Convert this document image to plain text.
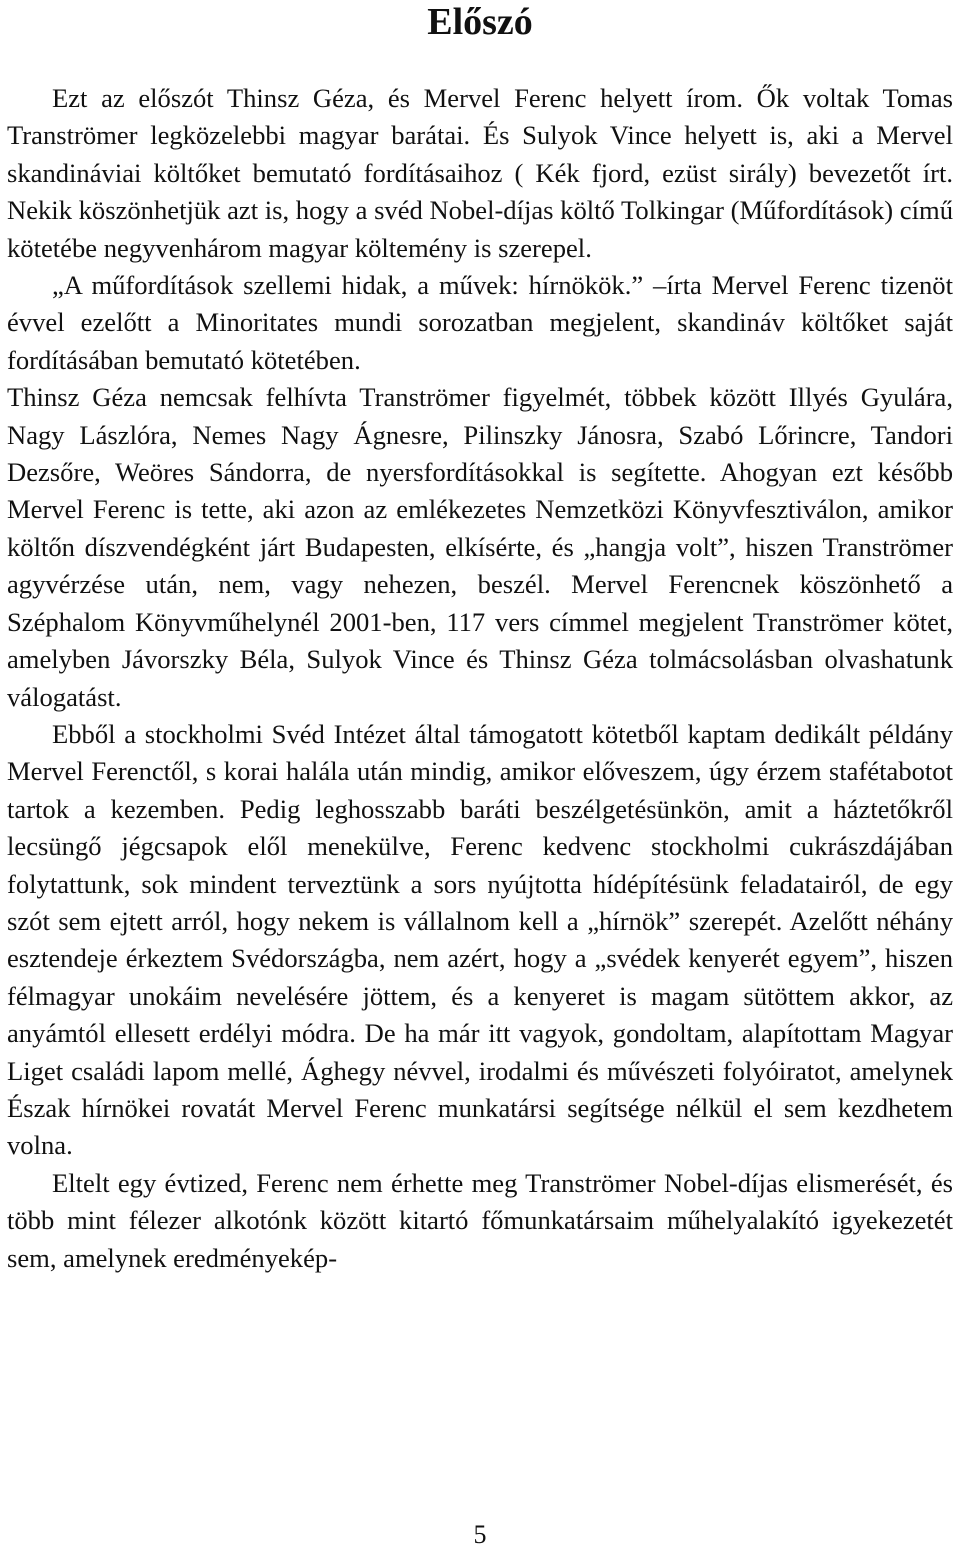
Előszó

Ezt az előszót Thinsz Géza, és Mervel Ferenc helyett írom. Ők voltak Tomas Tranströmer legközelebbi magyar barátai. És Sulyok Vince helyett is, aki a Mervel skandináviai költőket bemutató fordításaihoz ( Kék fjord, ezüst sirály) bevezetőt írt. Nekik köszönhetjük azt is, hogy a svéd Nobel-díjas költő Tolkingar (Műfordítások) című kötetébe negyvenhárom magyar költemény is szerepel.

„A műfordítások szellemi hidak, a művek: hírnökök.” –írta Mervel Ferenc tizenöt évvel ezelőtt a Minoritates mundi sorozatban megjelent, skandináv költőket saját fordításában bemutató kötetében.

Thinsz Géza nemcsak felhívta Tranströmer figyelmét, többek között Illyés Gyulára, Nagy Lászlóra, Nemes Nagy Ágnesre, Pilinszky Jánosra, Szabó Lőrincre, Tandori Dezsőre, Weöres Sándorra, de nyersfordításokkal is segítette. Ahogyan ezt később Mervel Ferenc is tette, aki azon az emlékezetes Nemzetközi Könyvfesztiválon, amikor költőn díszvendégként járt Budapesten, elkísérte, és „hangja volt”, hiszen Tranströmer agyvérzése után, nem, vagy nehezen, beszél. Mervel Ferencnek köszönhető a Széphalom Könyvműhelynél 2001-ben, 117 vers címmel megjelent Tranströmer kötet, amelyben Jávorszky Béla, Sulyok Vince és Thinsz Géza tolmácsolásban olvashatunk válogatást.

Ebből a stockholmi Svéd Intézet által támogatott kötetből kaptam dedikált példány Mervel Ferenctől, s korai halála után mindig, amikor előveszem, úgy érzem stafétabotot tartok a kezemben. Pedig leghosszabb baráti beszélgetésünkön, amit a háztetőkről lecsüngő jégcsapok elől menekülve, Ferenc kedvenc stockholmi cukrászdájában folytattunk, sok mindent terveztünk a sors nyújtotta hídépítésünk feladatairól, de egy szót sem ejtett arról, hogy nekem is vállalnom kell a „hírnök” szerepét. Azelőtt néhány esztendeje érkeztem Svédországba, nem azért, hogy a „svédek kenyerét egyem”, hiszen félmagyar unokáim nevelésére jöttem, és a kenyeret is magam sütöttem akkor, az anyámtól ellesett erdélyi módra. De ha már itt vagyok, gondoltam, alapítottam Magyar Liget családi lapom mellé, Ághegy névvel, irodalmi és művészeti folyóiratot, amelynek Észak hírnökei rovatát Mervel Ferenc munkatársi segítsége nélkül el sem kezdhetem volna.

Eltelt egy évtized, Ferenc nem érhette meg Tranströmer Nobel-díjas elismerését, és több mint félezer alkotónk között kitartó főmunkatársaim műhelyalakító igyekezetét sem, amelynek eredményekép-

5
